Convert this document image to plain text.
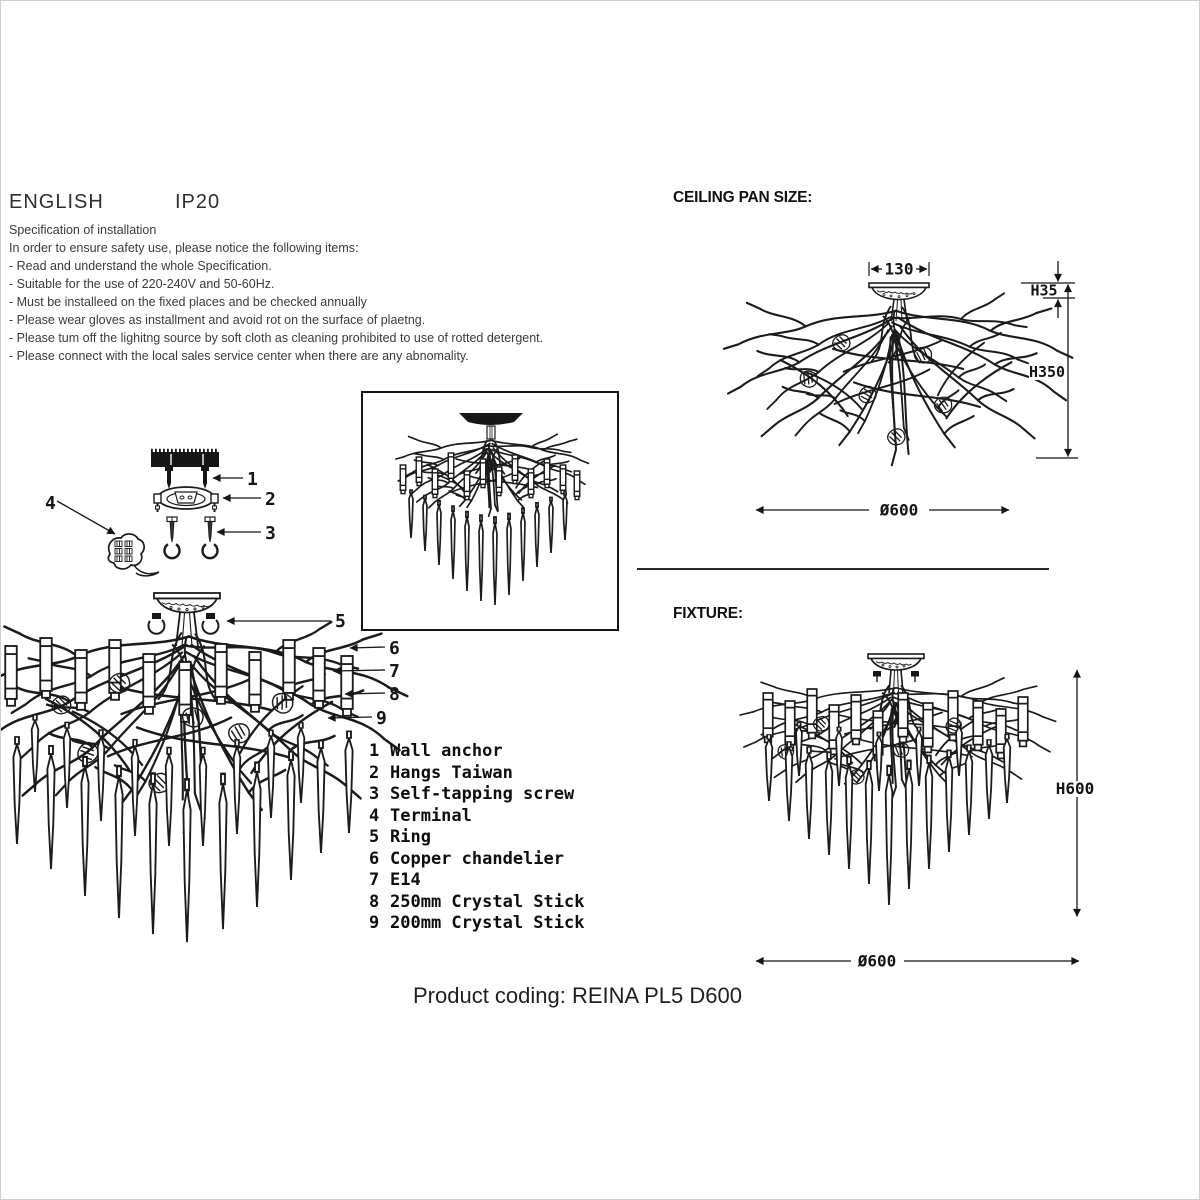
ENGLISH	IP20
Specification of installation
In order to ensure safety use, please notice the following items:
- Read and understand the whole Specification.
- Suitable for the use of 220-240V and 50-60Hz.
- Must be installeed on the fixed places and be checked annually
- Please wear gloves as installment and avoid rot on the surface of plaetng.
- Please tum off the lighitng source by soft cloth as cleaning prohibited to use of rotted detergent.
- Please connect with the local sales service center when there are any abnomality.
CEILING PAN SIZE:
130
H35
H350
Ø600
FIXTURE:
H600
Ø600
1
2
3
4
5
6
7
8
9
1 Wall anchor
2 Hangs Taiwan
3 Self-tapping screw
4 Terminal
5 Ring
6 Copper chandelier
7 E14
8 250mm Crystal Stick
9 200mm Crystal Stick
Product coding: REINA PL5 D600
